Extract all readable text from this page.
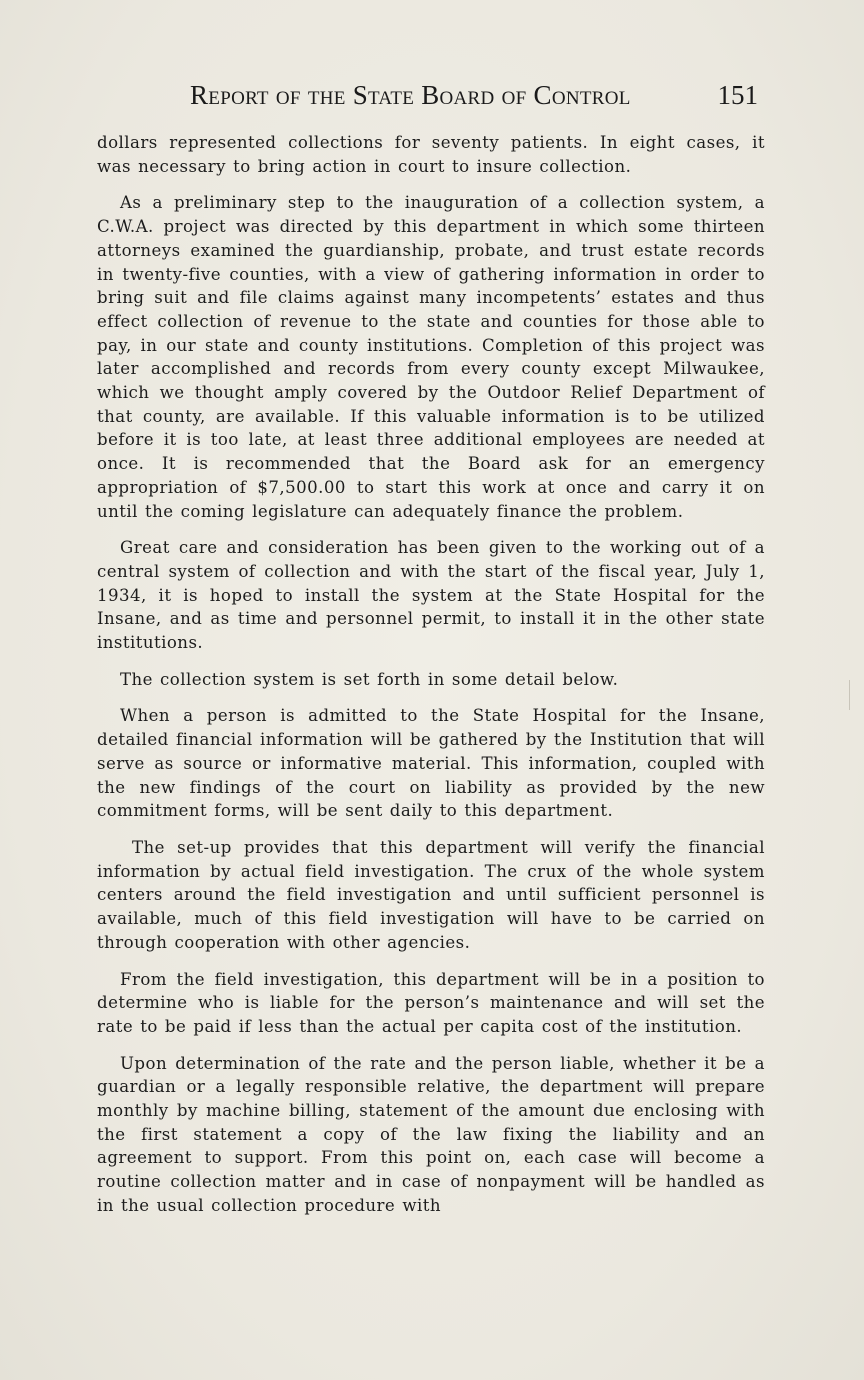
Report of the State Board of Control	151

dollars represented collections for seventy patients. In eight cases, it was necessary to bring action in court to insure collection.

As a preliminary step to the inauguration of a collection system, a C.W.A. project was directed by this department in which some thirteen attorneys examined the guardianship, probate, and trust estate records in twenty-five counties, with a view of gathering information in order to bring suit and file claims against many incompetents’ estates and thus effect collection of revenue to the state and counties for those able to pay, in our state and county institutions. Completion of this project was later accomplished and records from every county except Milwaukee, which we thought amply covered by the Outdoor Relief Department of that county, are available. If this valuable information is to be utilized before it is too late, at least three additional employees are needed at once. It is recommended that the Board ask for an emergency appropriation of $7,500.00 to start this work at once and carry it on until the coming legislature can adequately finance the problem.

Great care and consideration has been given to the working out of a central system of collection and with the start of the fiscal year, July 1, 1934, it is hoped to install the system at the State Hospital for the Insane, and as time and personnel permit, to install it in the other state institutions.

The collection system is set forth in some detail below.

When a person is admitted to the State Hospital for the Insane, detailed financial information will be gathered by the Institution that will serve as source or informative material. This information, coupled with the new findings of the court on liability as provided by the new commitment forms, will be sent daily to this department.

The set-up provides that this department will verify the financial information by actual field investigation. The crux of the whole system centers around the field investigation and until sufficient personnel is available, much of this field investigation will have to be carried on through cooperation with other agencies.

From the field investigation, this department will be in a position to determine who is liable for the person’s maintenance and will set the rate to be paid if less than the actual per capita cost of the institution.

Upon determination of the rate and the person liable, whether it be a guardian or a legally responsible relative, the department will prepare monthly by machine billing, statement of the amount due enclosing with the first statement a copy of the law fixing the liability and an agreement to support. From this point on, each case will become a routine collection matter and in case of nonpayment will be handled as in the usual collection procedure with
